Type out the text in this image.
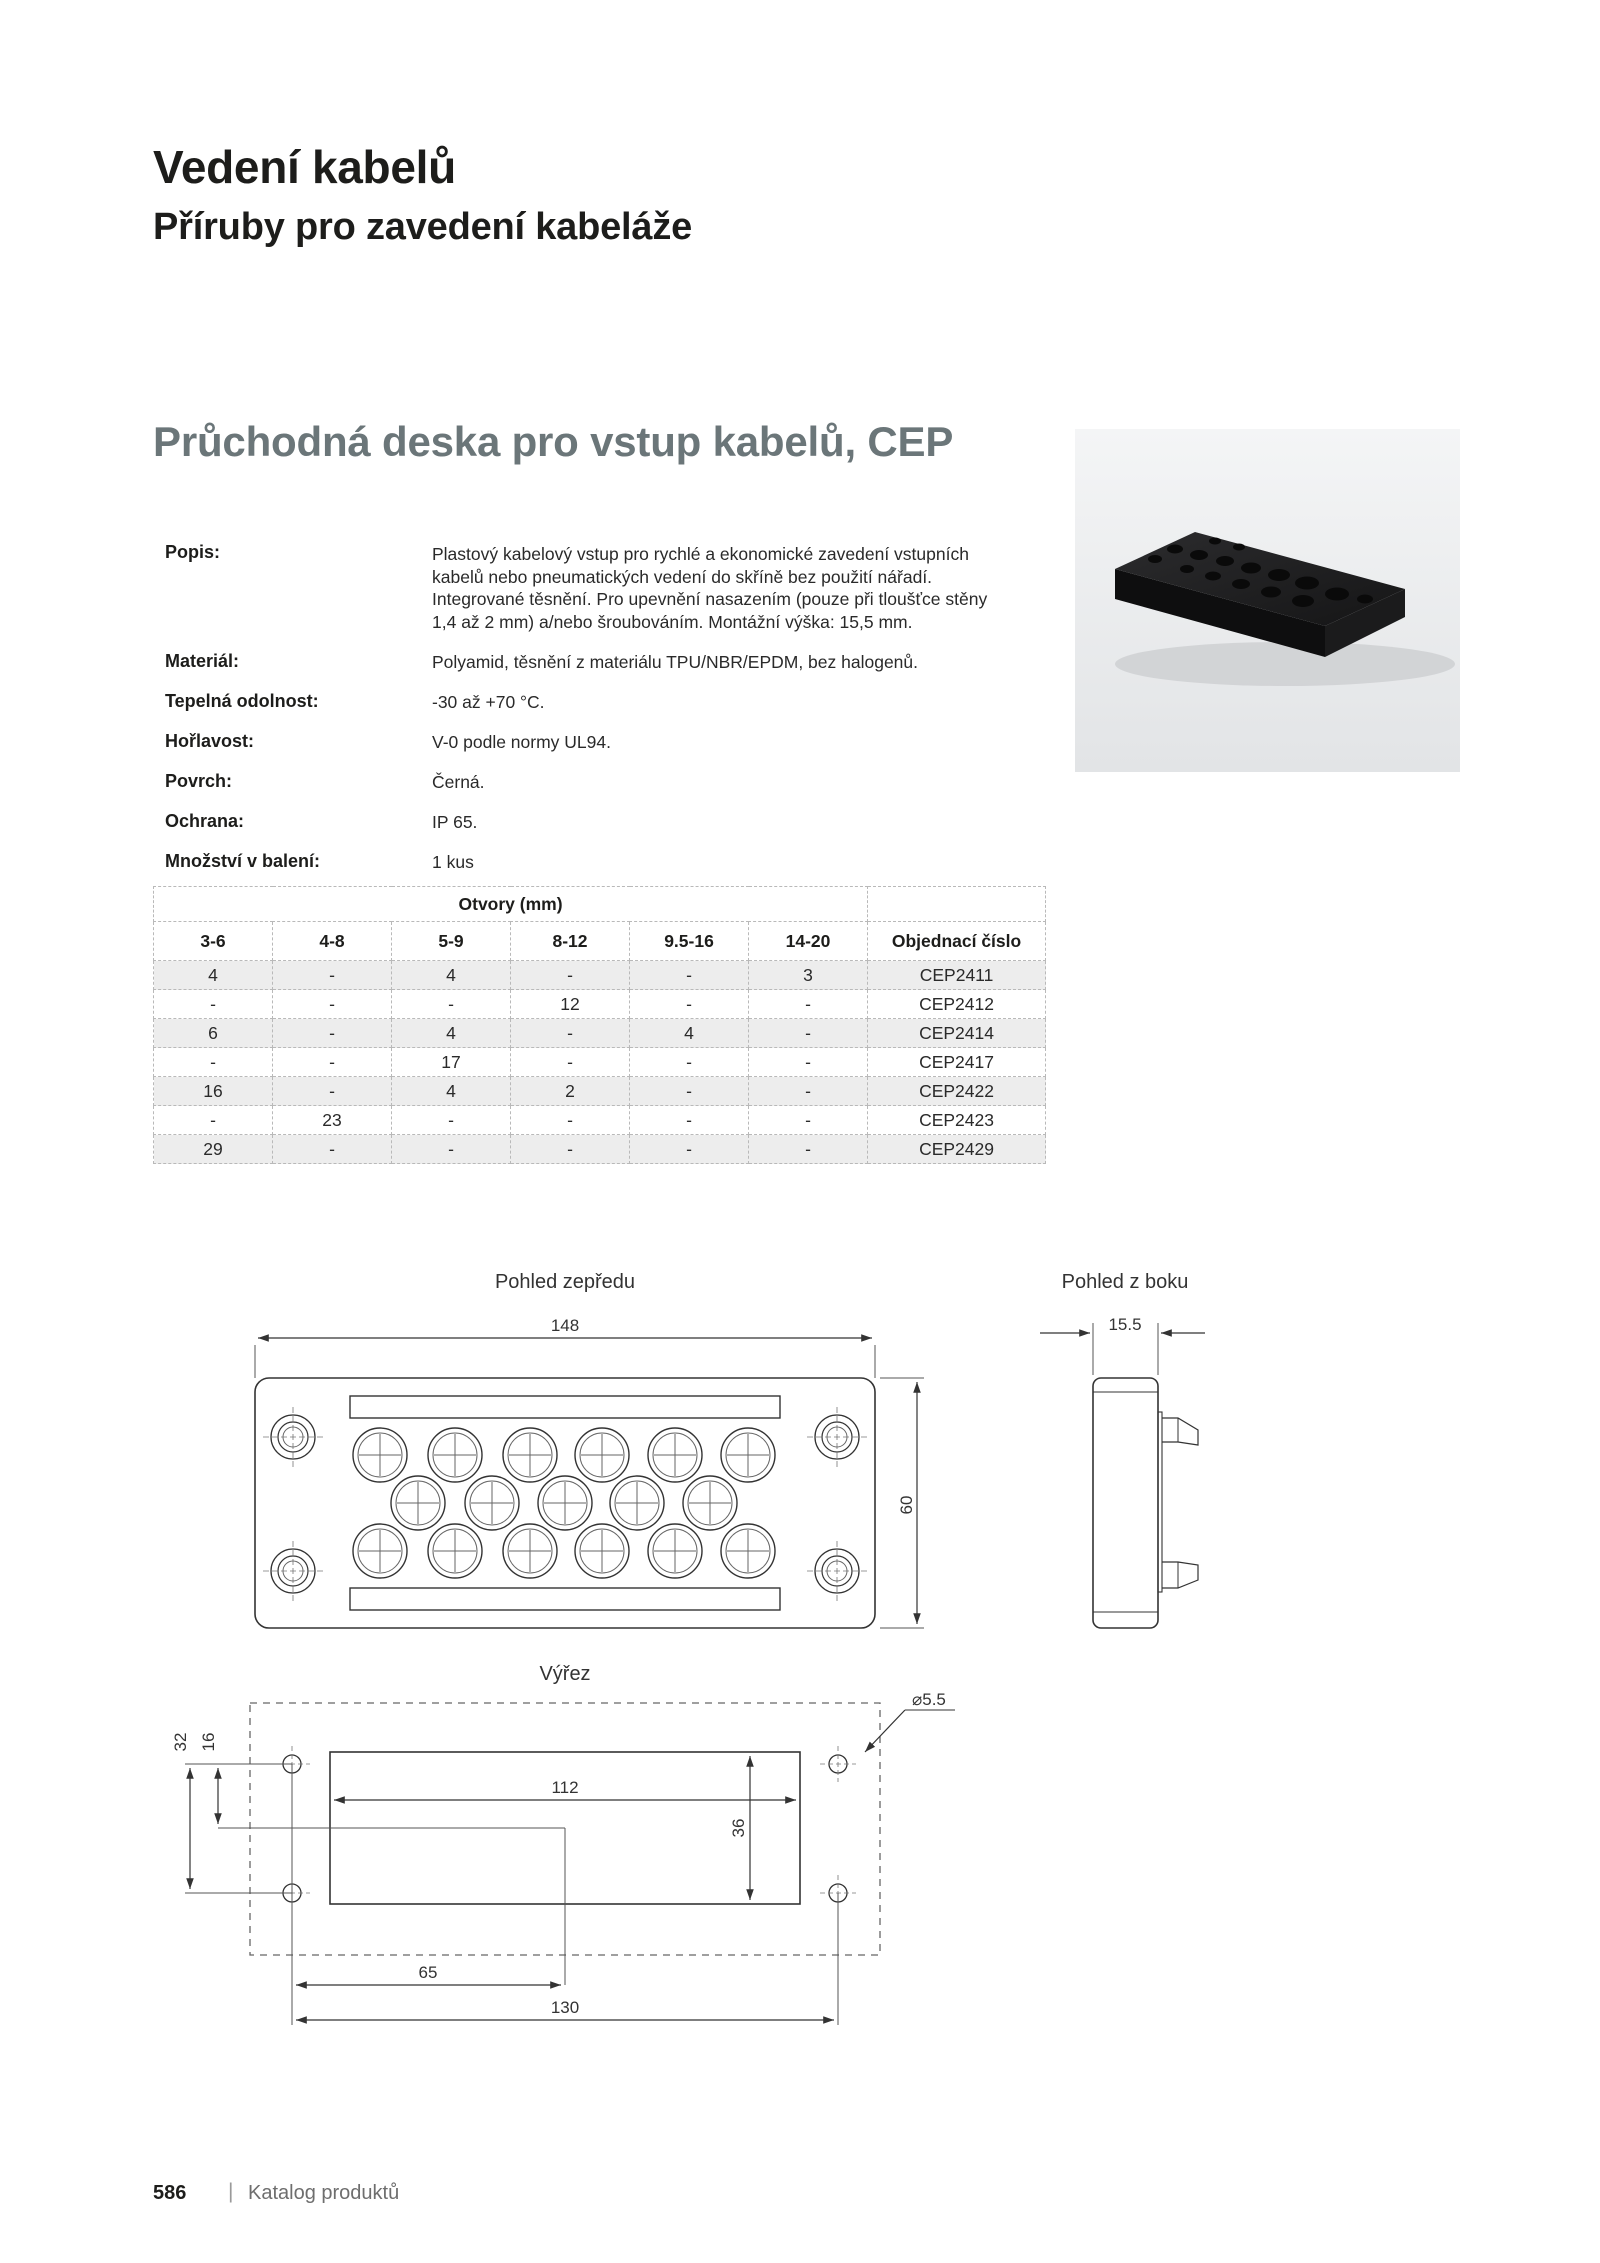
Vedení kabelů
Příruby pro zavedení kabeláže
Průchodná deska pro vstup kabelů, CEP
Popis:	Plastový kabelový vstup pro rychlé a ekonomické zavedení vstupních kabelů nebo pneumatických vedení do skříně bez použití nářadí. Integrované těsnění. Pro upevnění nasazením (pouze při tloušťce stěny 1,4 až 2 mm) a/nebo šroubováním. Montážní výška: 15,5 mm.
Materiál:	Polyamid, těsnění z materiálu TPU/NBR/EPDM, bez halogenů.
Tepelná odolnost:	-30 až +70 °C.
Hořlavost:	V-0 podle normy UL94.
Povrch:	Černá.
Ochrana:	IP 65.
Množství v balení:	1 kus
Otvory (mm)						
3-6	4-8	5-9	8-12	9.5-16	14-20	Objednací číslo
4	-	4	-	-	3	CEP2411
-	-	-	12	-	-	CEP2412
6	-	4	-	4	-	CEP2414
-	-	17	-	-	-	CEP2417
16	-	4	2	-	-	CEP2422
-	23	-	-	-	-	CEP2423
29	-	-	-	-	-	CEP2429
Pohled zepředu
148
60
Pohled z boku
15.5
Výřez
⌀5.5
32 16
112
36
65
130
586 | Katalog produktů
